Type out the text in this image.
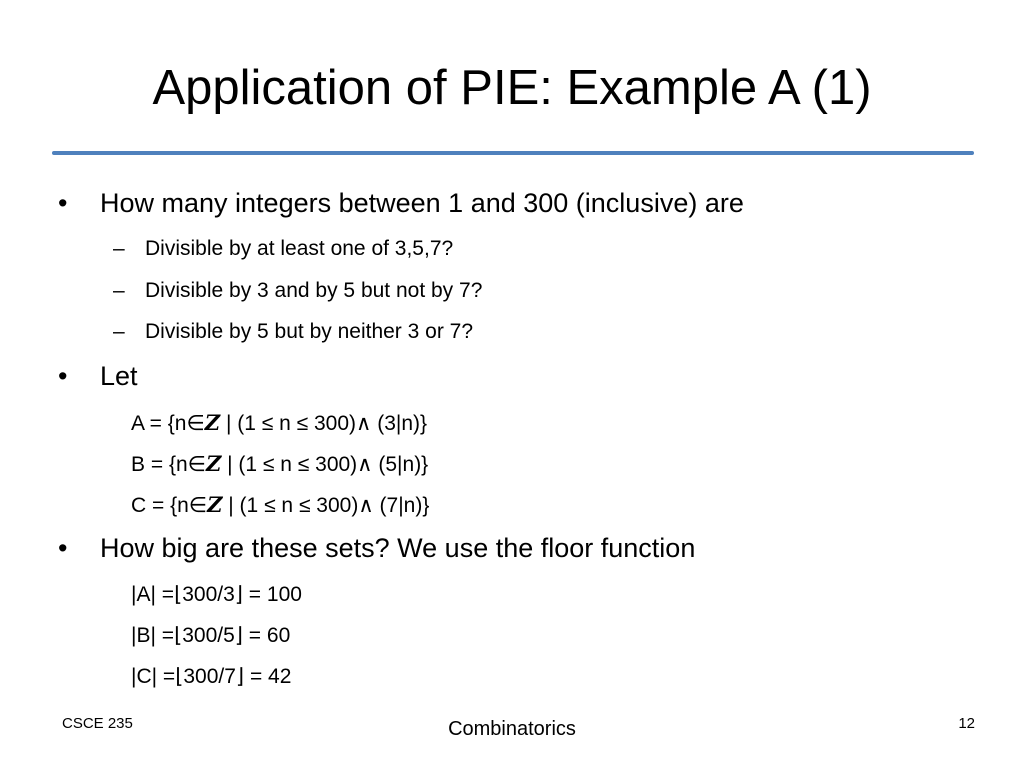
Application of PIE: Example A (1)
• How many integers between 1 and 300 (inclusive) are
– Divisible by at least one of 3,5,7?
– Divisible by 3 and by 5 but not by 7?
– Divisible by 5 but by neither 3 or 7?
• Let
A = {n∈Z | (1 ≤ n ≤ 300)∧ (3|n)}
B = {n∈Z | (1 ≤ n ≤ 300)∧ (5|n)}
C = {n∈Z | (1 ≤ n ≤ 300)∧ (7|n)}
• How big are these sets? We use the floor function
|A| =⌊300/3⌋ = 100
|B| =⌊300/5⌋ = 60
|C| =⌊300/7⌋ = 42
CSCE 235	Combinatorics	12
